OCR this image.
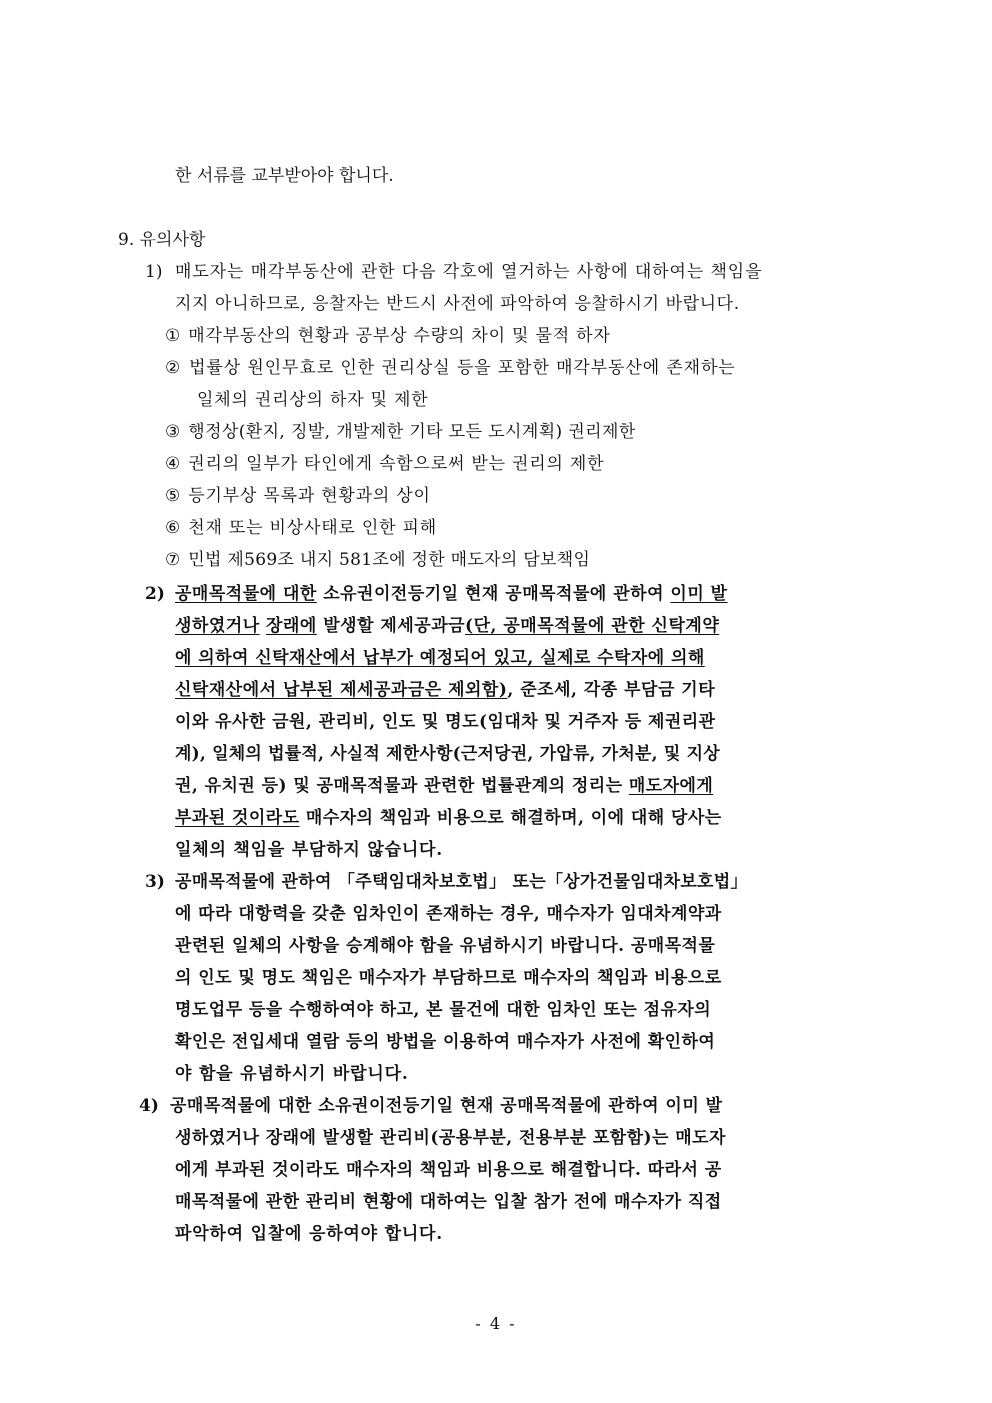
한 서류를 교부받아야 합니다.
9. 유의사항
1) 매도자는 매각부동산에 관한 다음 각호에 열거하는 사항에 대하여는 책임을
지지 아니하므로, 응찰자는 반드시 사전에 파악하여 응찰하시기 바랍니다.
① 매각부동산의 현황과 공부상 수량의 차이 및 물적 하자
② 법률상 원인무효로 인한 권리상실 등을 포함한 매각부동산에 존재하는
일체의 권리상의 하자 및 제한
③ 행정상(환지, 징발, 개발제한 기타 모든 도시계획) 권리제한
④ 권리의 일부가 타인에게 속함으로써 받는 권리의 제한
⑤ 등기부상 목록과 현황과의 상이
⑥ 천재 또는 비상사태로 인한 피해
⑦ 민법 제569조 내지 581조에 정한 매도자의 담보책임
2) 공매목적물에 대한 소유권이전등기일 현재 공매목적물에 관하여 이미 발
생하였거나 장래에 발생할 제세공과금(단, 공매목적물에 관한 신탁계약
에 의하여 신탁재산에서 납부가 예정되어 있고, 실제로 수탁자에 의해
신탁재산에서 납부된 제세공과금은 제외함), 준조세, 각종 부담금 기타
이와 유사한 금원, 관리비, 인도 및 명도(임대차 및 거주자 등 제권리관
계), 일체의 법률적, 사실적 제한사항(근저당권, 가압류, 가처분, 및 지상
권, 유치권 등) 및 공매목적물과 관련한 법률관계의 정리는 매도자에게
부과된 것이라도 매수자의 책임과 비용으로 해결하며, 이에 대해 당사는
일체의 책임을 부담하지 않습니다.
3) 공매목적물에 관하여 「주택임대차보호법」 또는「상가건물임대차보호법」
에 따라 대항력을 갖춘 임차인이 존재하는 경우, 매수자가 임대차계약과
관련된 일체의 사항을 승계해야 함을 유념하시기 바랍니다. 공매목적물
의 인도 및 명도 책임은 매수자가 부담하므로 매수자의 책임과 비용으로
명도업무 등을 수행하여야 하고, 본 물건에 대한 임차인 또는 점유자의
확인은 전입세대 열람 등의 방법을 이용하여 매수자가 사전에 확인하여
야 함을 유념하시기 바랍니다.
4) 공매목적물에 대한 소유권이전등기일 현재 공매목적물에 관하여 이미 발
생하였거나 장래에 발생할 관리비(공용부분, 전용부분 포함함)는 매도자
에게 부과된 것이라도 매수자의 책임과 비용으로 해결합니다. 따라서 공
매목적물에 관한 관리비 현황에 대하여는 입찰 참가 전에 매수자가 직접
파악하여 입찰에 응하여야 합니다.
- 4 -
